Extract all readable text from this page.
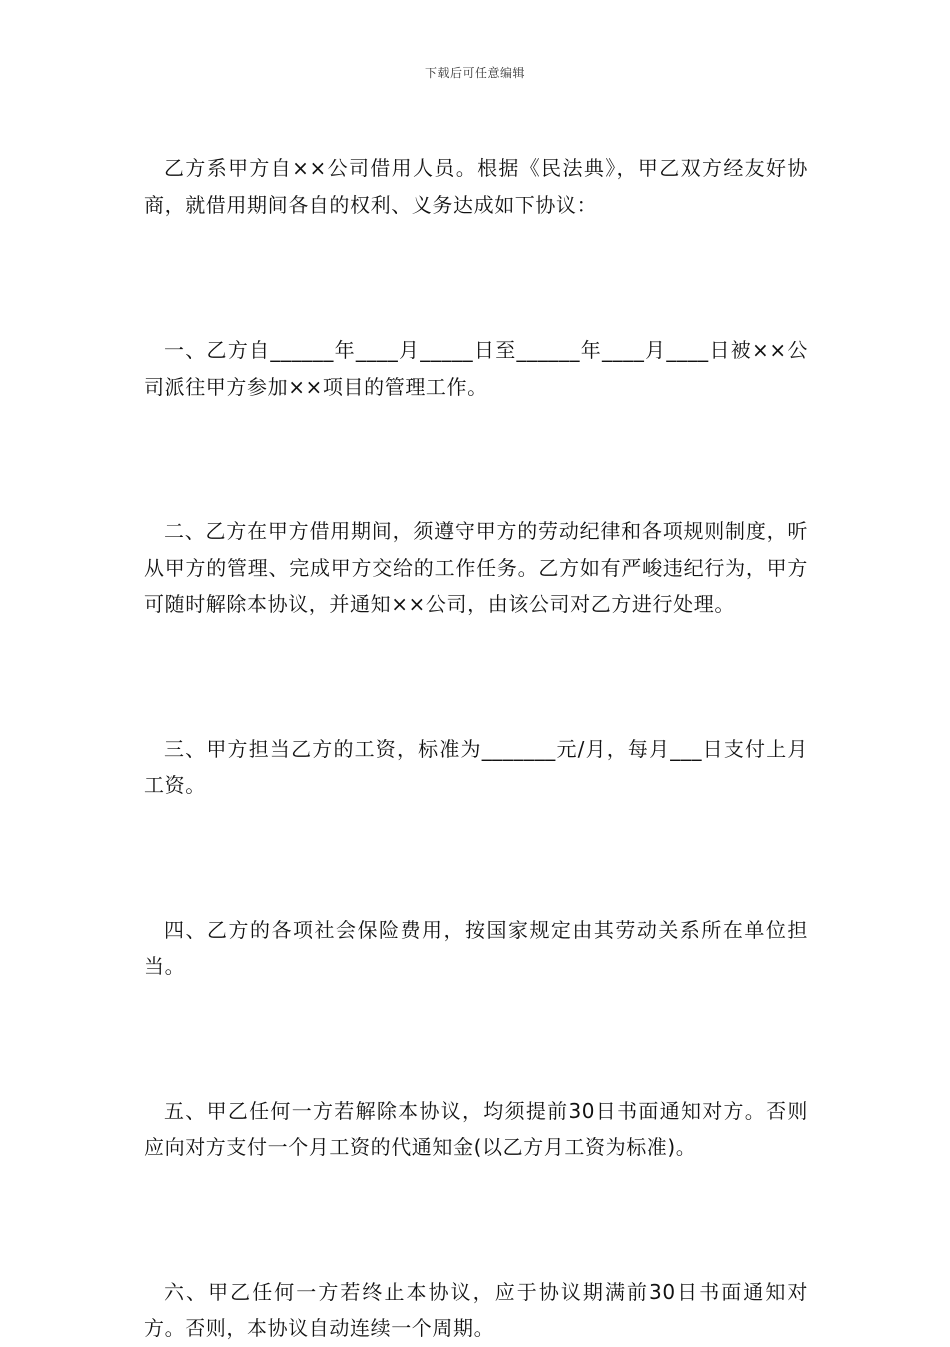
下载后可任意编辑

乙方系甲方自××公司借用人员。根据《民法典》，甲乙双方经友好协商，就借用期间各自的权利、义务达成如下协议：

一、乙方自______年____月_____日至______年____月____日被××公司派往甲方参加××项目的管理工作。

二、乙方在甲方借用期间，须遵守甲方的劳动纪律和各项规则制度，听从甲方的管理、完成甲方交给的工作任务。乙方如有严峻违纪行为，甲方可随时解除本协议，并通知××公司，由该公司对乙方进行处理。

三、甲方担当乙方的工资，标准为_______元/月，每月___日支付上月工资。

四、乙方的各项社会保险费用，按国家规定由其劳动关系所在单位担当。

五、甲乙任何一方若解除本协议，均须提前30日书面通知对方。否则应向对方支付一个月工资的代通知金(以乙方月工资为标准)。

六、甲乙任何一方若终止本协议，应于协议期满前30日书面通知对方。否则，本协议自动连续一个周期。
